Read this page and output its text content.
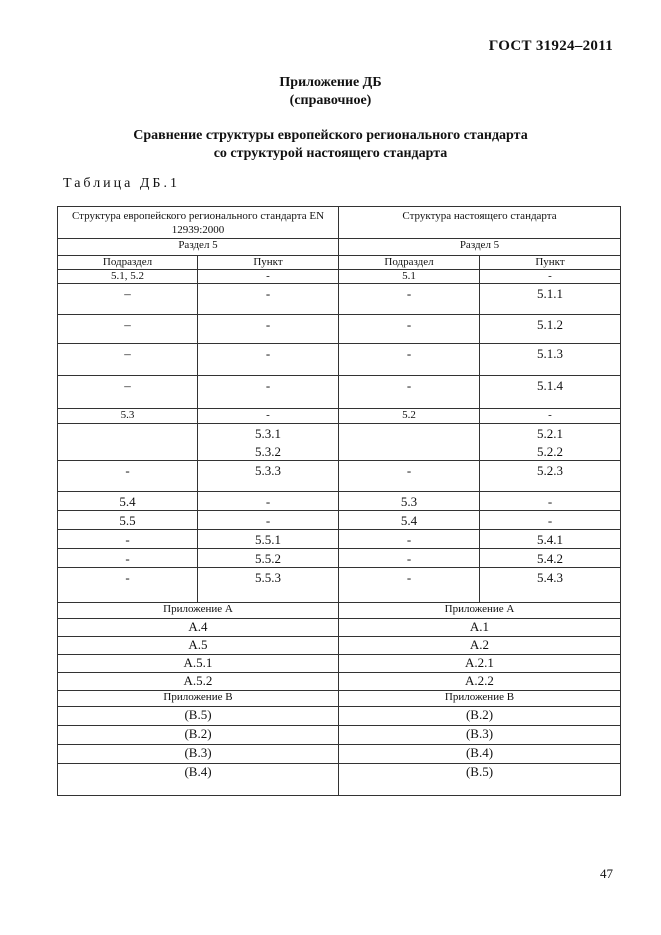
ГОСТ 31924–2011
Приложение ДБ
(справочное)
Сравнение структуры европейского регионального стандарта
со структурой настоящего стандарта
Таблица ДБ.1
Структура европейского регионального стандарта EN 12939:2000		Структура настоящего стандарта	
Раздел 5		Раздел 5	
Подраздел	Пункт	Подраздел	Пункт
5.1, 5.2	-	5.1	-
–	-	-	5.1.1
–	-	-	5.1.2
–	-	-	5.1.3
–	-	-	5.1.4
5.3	-	5.2	-
	5.3.1		5.2.1
	5.3.2		5.2.2
-	5.3.3	-	5.2.3
5.4	-	5.3	-
5.5	-	5.4	-
-	5.5.1	-	5.4.1
-	5.5.2	-	5.4.2
-	5.5.3	-	5.4.3
Приложение А		Приложение А	
А.4		А.1	
А.5		А.2	
А.5.1		А.2.1	
А.5.2		А.2.2	
Приложение В		Приложение В	
(В.5)		(В.2)	
(В.2)		(В.3)	
(В.3)		(В.4)	
(В.4)		(В.5)	
47
